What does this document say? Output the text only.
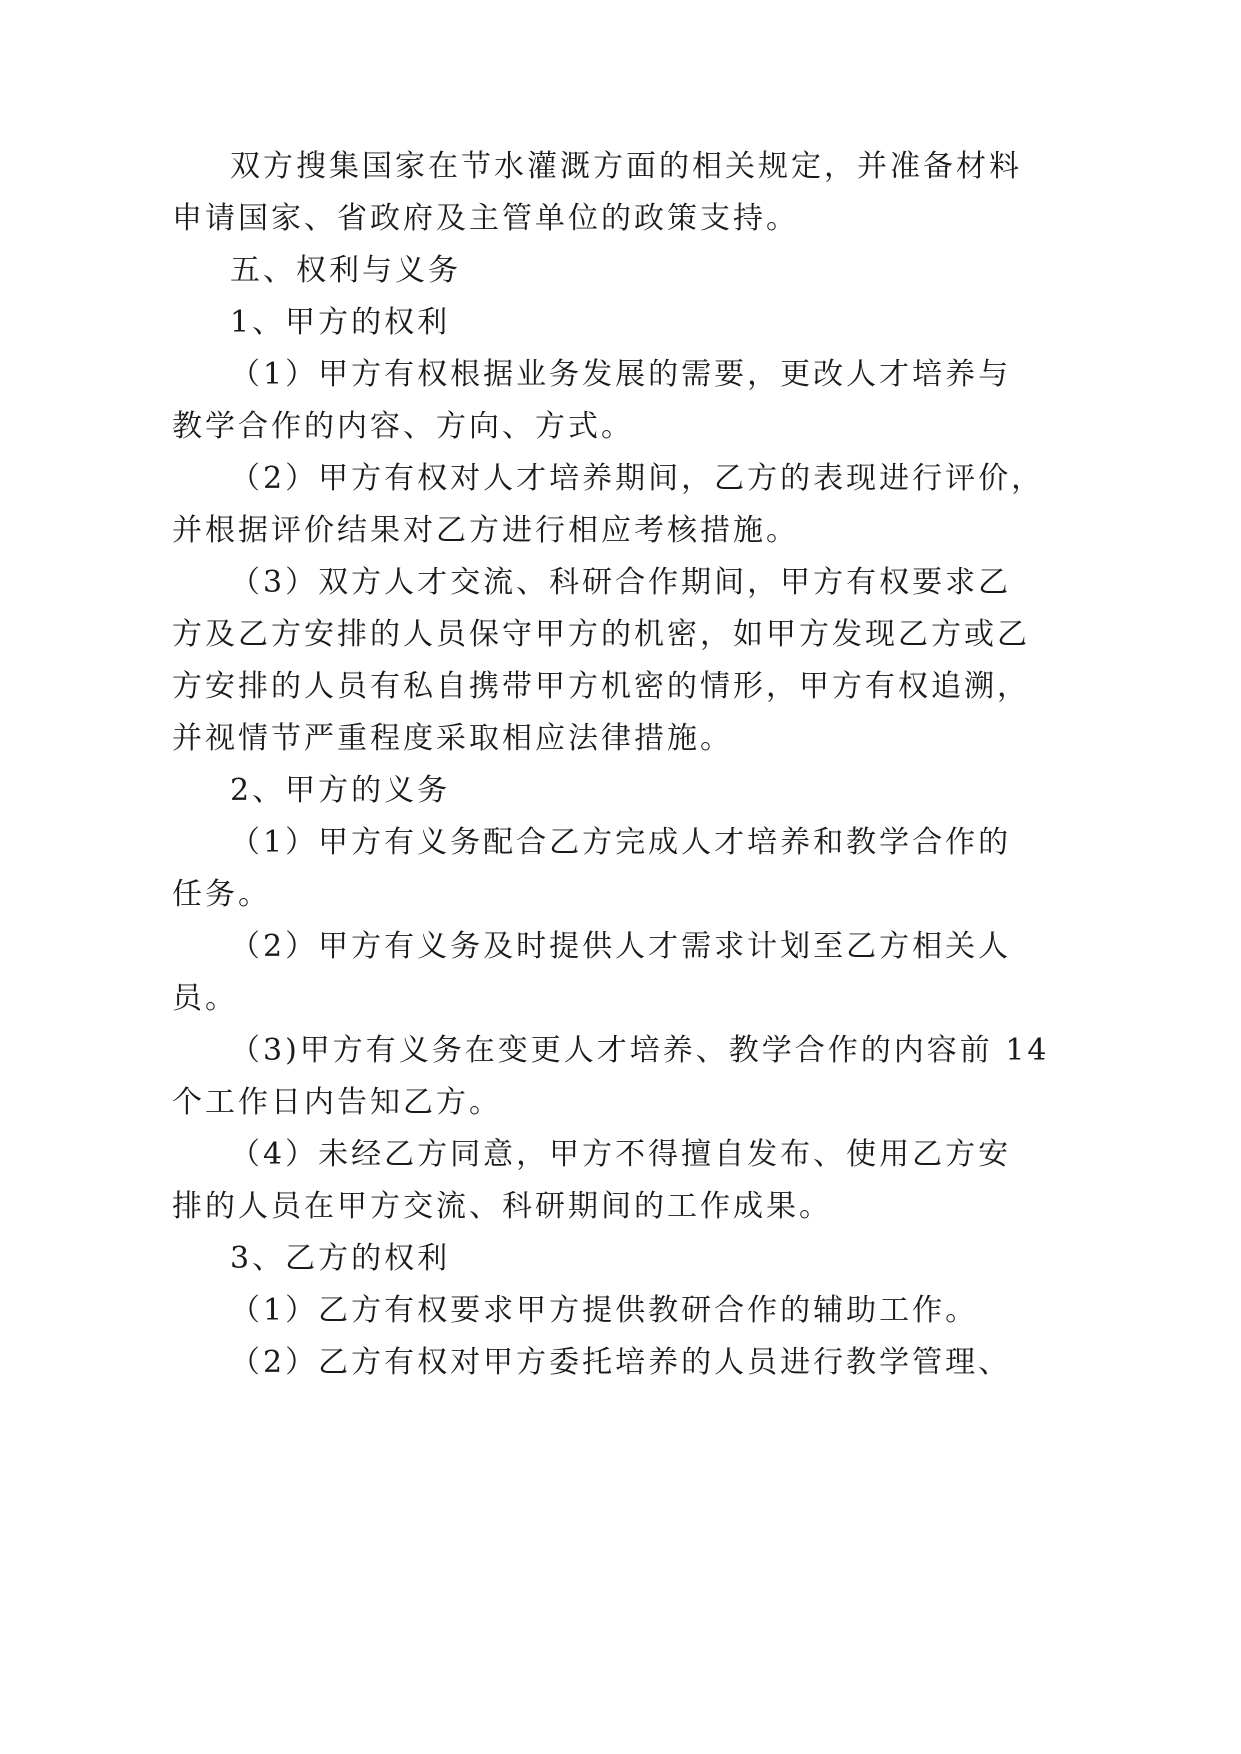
双方搜集国家在节水灌溉方面的相关规定，并准备材料

申请国家、省政府及主管单位的政策支持。

五、权利与义务

1、甲方的权利

（1）甲方有权根据业务发展的需要，更改人才培养与

教学合作的内容、方向、方式。

（2）甲方有权对人才培养期间，乙方的表现进行评价，

并根据评价结果对乙方进行相应考核措施。

（3）双方人才交流、科研合作期间，甲方有权要求乙

方及乙方安排的人员保守甲方的机密，如甲方发现乙方或乙

方安排的人员有私自携带甲方机密的情形，甲方有权追溯，

并视情节严重程度采取相应法律措施。

2、甲方的义务

（1）甲方有义务配合乙方完成人才培养和教学合作的

任务。

（2）甲方有义务及时提供人才需求计划至乙方相关人

员。

（3)甲方有义务在变更人才培养、教学合作的内容前 14

个工作日内告知乙方。

（4）未经乙方同意，甲方不得擅自发布、使用乙方安

排的人员在甲方交流、科研期间的工作成果。

3、乙方的权利

（1）乙方有权要求甲方提供教研合作的辅助工作。

（2）乙方有权对甲方委托培养的人员进行教学管理、
